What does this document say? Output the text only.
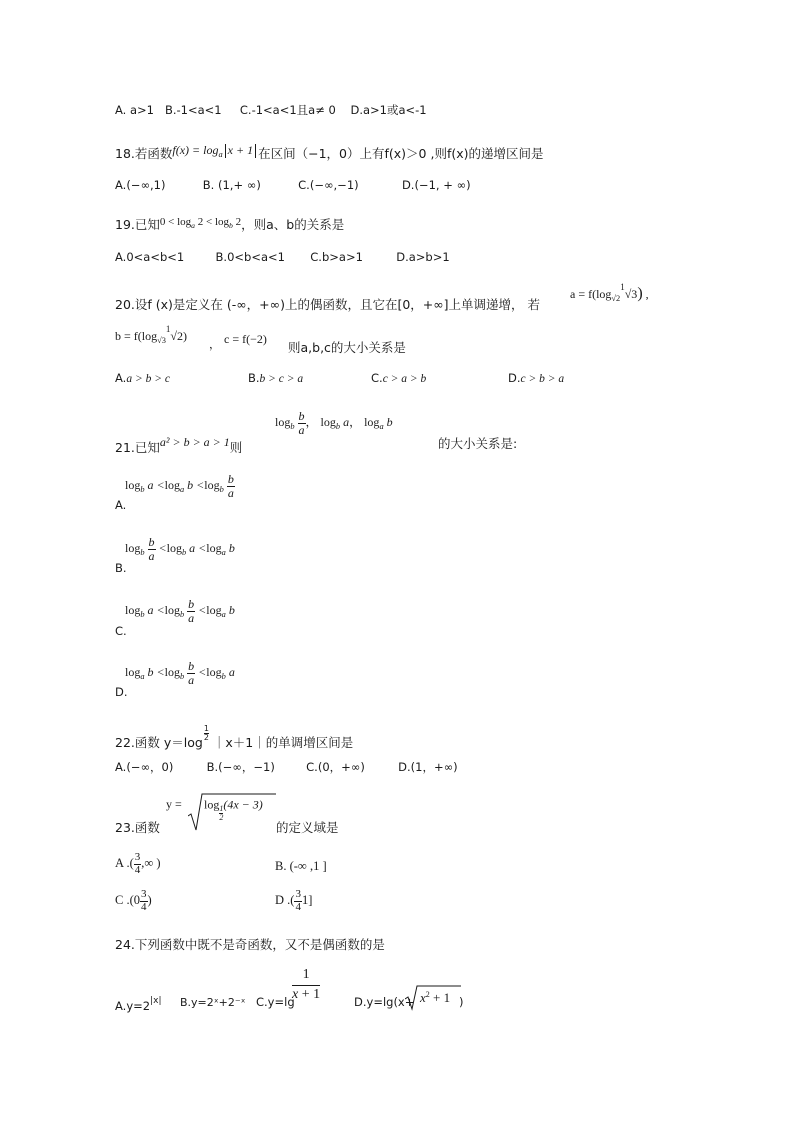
A. a>1 B.-1<a<1 C.-1<a<1且a≠ 0 D.a>1或a<-1
18.若函数$f(x) = \log_a x + 1$ 在区间（−1，0）上有f(x)＞0 ,则f(x)的递增区间是
A.(−∞,1)	B. (1,+ ∞)	C.(−∞,−1)	D.(−1, + ∞)
19.已知$0 < \log_a 2 < \log_b 2$，则a、b的关系是
A.0<a<b<1	B.0<b<a<1 C.b>a>1	D.a>b>1
20.设f (x)是定义在 (-∞，+∞)上的偶函数，且它在[0，+∞]上单调递增， 若
$a = f(\log_{√2}^1√3)$ ,
$b = f(\log_{√3}^1√2)$
， c = f(−2)
则a,b,c的大小关系是
A.a > b > c	B.b > c > a	C.c > a > b	D.c > b > a
21.已知a² > b > a > 1则
$\log_b \frac{b}{a}$ ， $\log_b a$， $\log_a b$
的大小关系是:
$\log_b a <\log_a$ $b <\log_b \frac{b}{a}$
A.
$\log_b \frac{b}{a} <\log_b$ $a <\log_a$ b
B.
$\log_b a <\log_b \frac{b}{a} <\log_a$ b
C.
$\log_a b <\log_b \frac{b}{a} <\log_b$ a
D.
22.函数 y＝log
$\frac{1}{2}$
｜x＋1｜的单调增区间是
A.(−∞，0)	B.(−∞，−1)	C.(0，+∞)	D.(1，+∞)
y = log
$\frac{1}{2}$
(4x − 3)
23.函数	的定义域是
A .( $\frac{3}{4}$ ,∞ )	B. (-∞ ,1 ]
C $.(0 \frac{3}{4}$ )	D .( $\frac{3}{4} 1$]
24.下列函数中既不是奇函数，又不是偶函数的是
$A.y=2^{|x|}$ B.y=2ˣ+2⁻ˣ C.y=lg
$\frac{1}{x + 1}$	$D.y=\lg(x+ x^2 + 1$ )
